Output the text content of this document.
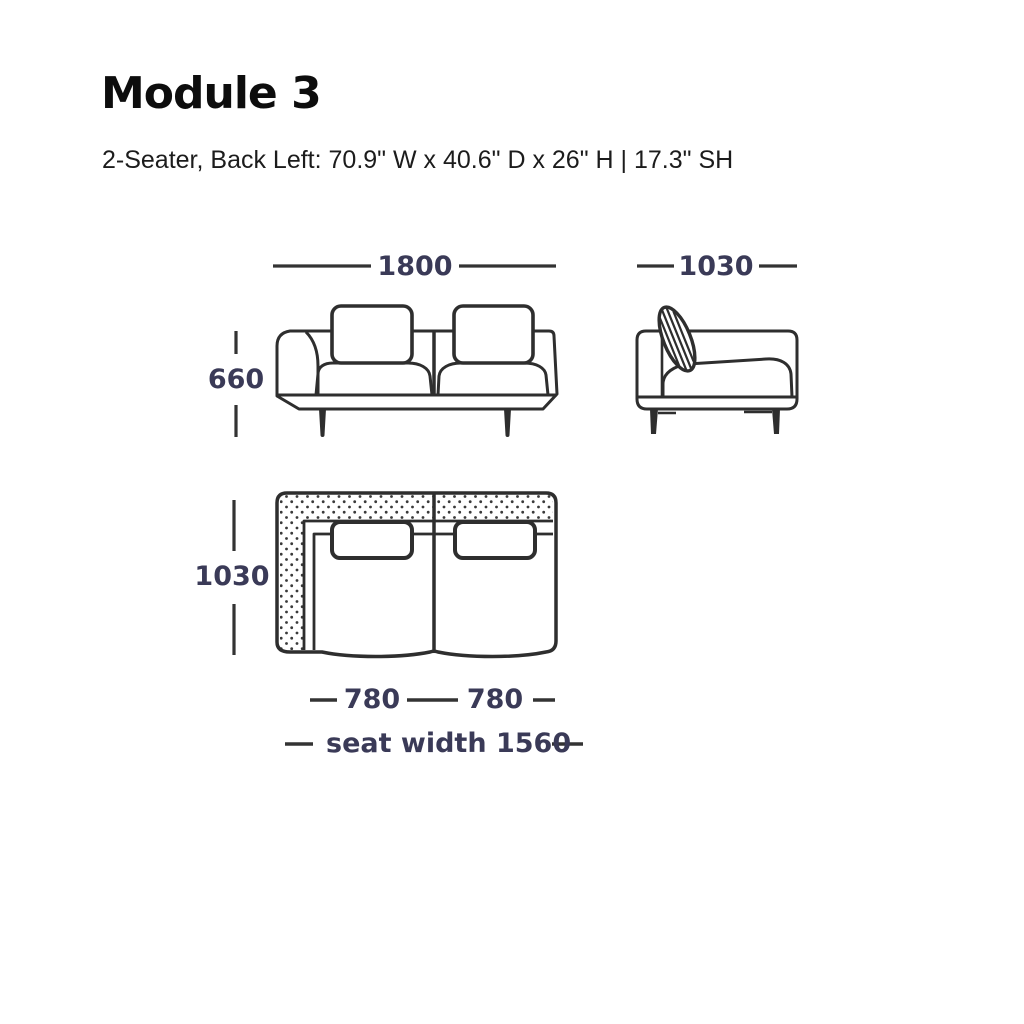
Module 3
2-Seater, Back Left: 70.9" W x 40.6" D x 26" H | 17.3" SH
1800
660
1030
1030
780 780
seat width 1560
